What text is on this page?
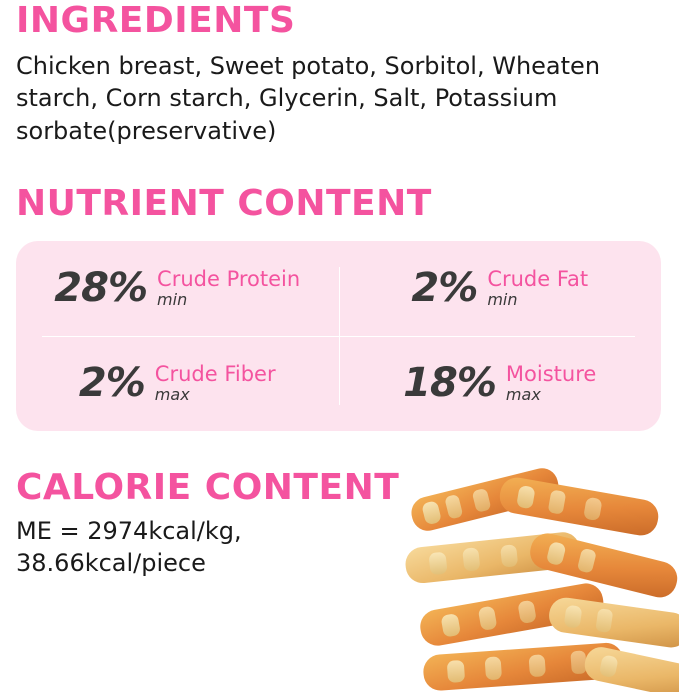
INGREDIENTS

Chicken breast, Sweet potato, Sorbitol, Wheaten starch, Corn starch, Glycerin, Salt, Potassium sorbate(preservative)

NUTRIENT CONTENT
28% Crude Protein
min	2% Crude Fat
min
2% Crude Fiber
max	18% Moisture
max
CALORIE CONTENT

ME = 2974kcal/kg, 38.66kcal/piece
